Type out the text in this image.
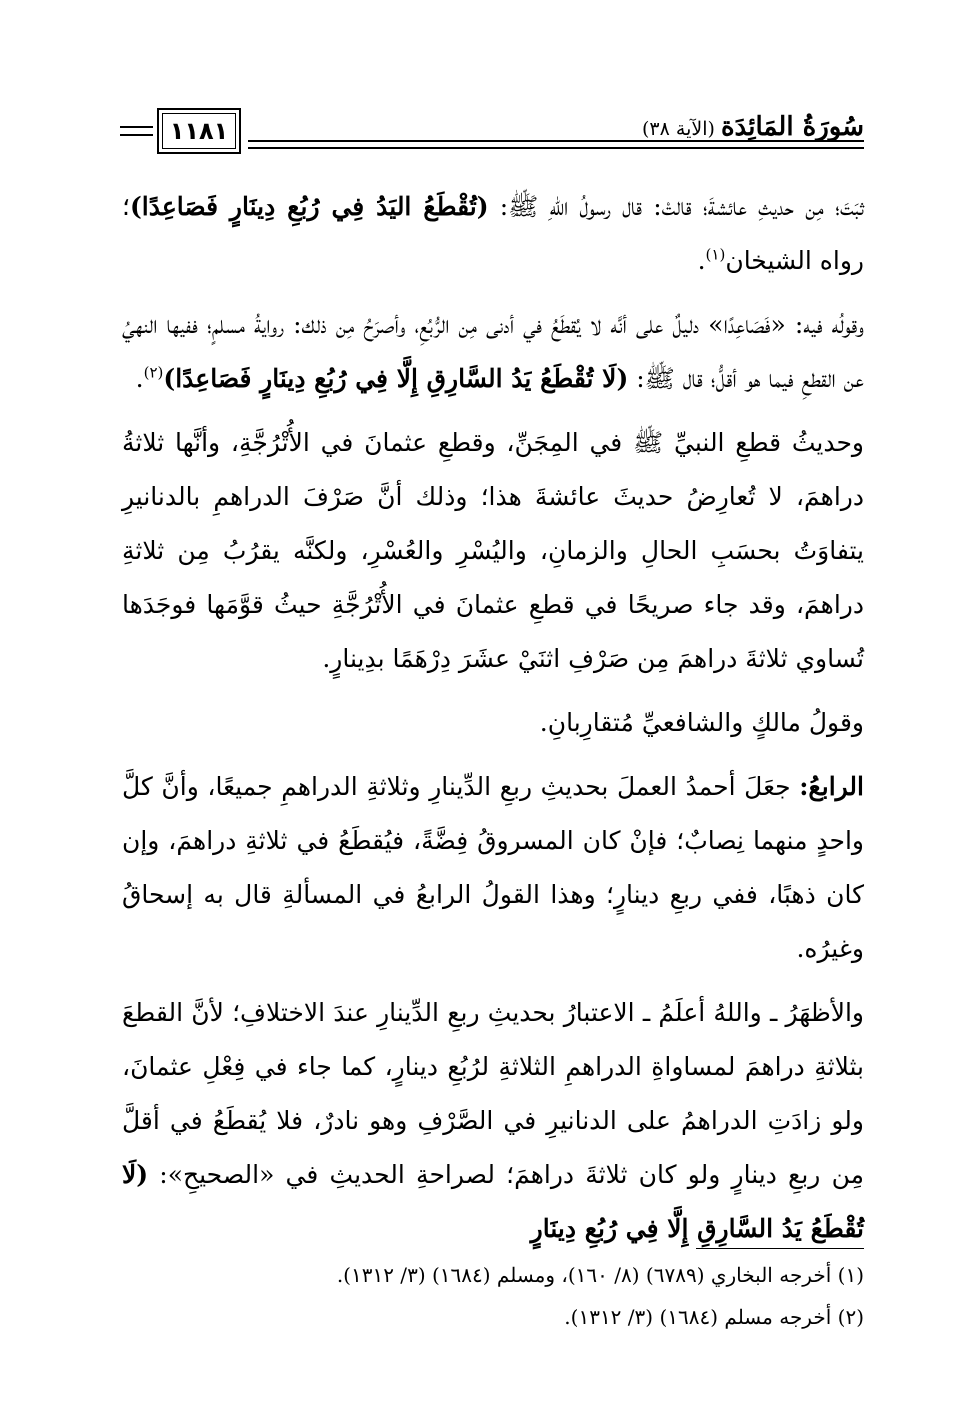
١١٨١	سُورَةُ المَائِدَة (الآية ٣٨)

ثبَتَ؛ مِن حديثِ عائشةَ؛ قالتْ: قال رسولُ اللهِ ﷺ: (تُقْطَعُ اليَدُ فِي رُبُعِ دِينَارٍ فَصَاعِدًا)؛ رواه الشيخان$^{(١)}$.

وقولُه فيه: «فَصَاعِدًا» دليلٌ على أنَّه لا يُقطَعُ في أدنى مِن الرُّبُعِ، وأصرَحُ مِن ذلك: روايةُ مسلمٍ؛ ففيها النهيُ عن القطعِ فيما هو أقلُّ؛ قال ﷺ: (لَا تُقْطَعُ يَدُ السَّارِقِ إِلَّا فِي رُبُعِ دِينَارٍ فَصَاعِدًا)$^{(٢)}$.

وحديثُ قطعِ النبيِّ ﷺ في المِجَنِّ، وقطعِ عثمانَ في الأُتْرُجَّةِ، وأنَّها ثلاثةُ دراهمَ، لا تُعارِضُ حديثَ عائشةَ هذا؛ وذلك أنَّ صَرْفَ الدراهمِ بالدنانيرِ يتفاوَتُ بحسَبِ الحالِ والزمانِ، واليُسْرِ والعُسْرِ، ولكنَّه يقرُبُ مِن ثلاثةِ دراهمَ، وقد جاء صريحًا في قطعِ عثمانَ في الأُتْرُجَّةِ حيثُ قوَّمَها فوجَدَها تُساوي ثلاثةَ دراهمَ مِن صَرْفِ اثنَيْ عشَرَ دِرْهَمًا بدِينارٍ.

وقولُ مالكٍ والشافعيِّ مُتقارِبانِ.

الرابعُ: جعَلَ أحمدُ العملَ بحديثِ ربعِ الدِّينارِ وثلاثةِ الدراهمِ جميعًا، وأنَّ كلَّ واحدٍ منهما نِصابٌ؛ فإنْ كان المسروقُ فِضَّةً، فيُقطَعُ في ثلاثةِ دراهمَ، وإن كان ذهبًا، ففي ربعِ دينارٍ؛ وهذا القولُ الرابعُ في المسألةِ قال به إسحاقُ وغيرُه.

والأظهَرُ ـ واللهُ أعلَمُ ـ الاعتبارُ بحديثِ ربعِ الدِّينارِ عندَ الاختلافِ؛ لأنَّ القطعَ بثلاثةِ دراهمَ لمساواةِ الدراهمِ الثلاثةِ لرُبُعِ دينارٍ، كما جاء في فِعْلِ عثمانَ، ولو زادَتِ الدراهمُ على الدنانيرِ في الصَّرْفِ وهو نادرٌ، فلا يُقطَعُ في أقلَّ مِن ربعِ دينارٍ ولو كان ثلاثةَ دراهمَ؛ لصراحةِ الحديثِ في «الصحيحِ»: (لَا تُقْطَعُ يَدُ السَّارِقِ إِلَّا فِي رُبُعِ دِينَارٍ

(١) أخرجه البخاري (٦٧٨٩) (٨/ ١٦٠)، ومسلم (١٦٨٤) (٣/ ١٣١٢).
(٢) أخرجه مسلم (١٦٨٤) (٣/ ١٣١٢).
